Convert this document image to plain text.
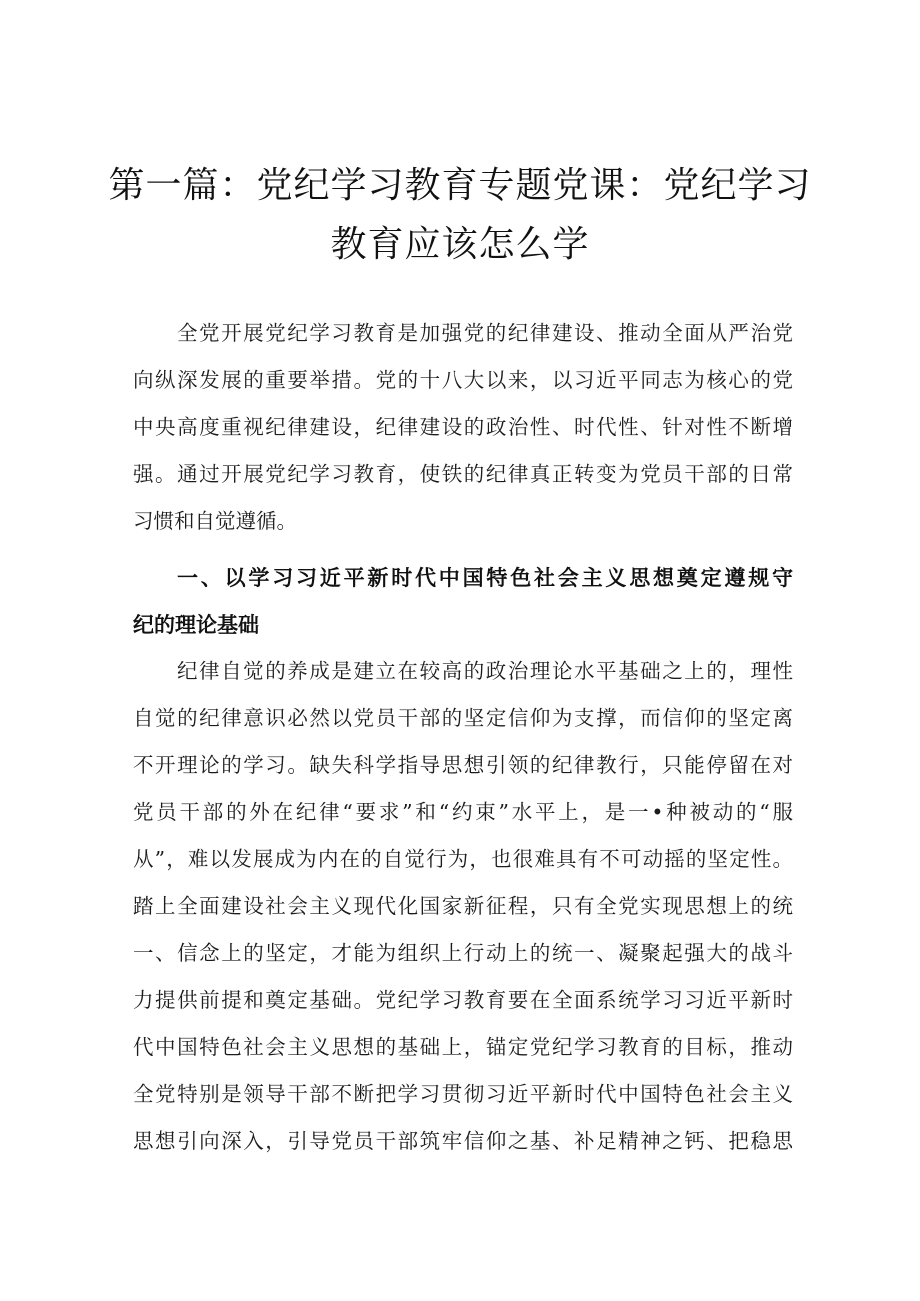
第一篇：党纪学习教育专题党课：党纪学习
教育应该怎么学
全党开展党纪学习教育是加强党的纪律建设、推动全面从严治党
向纵深发展的重要举措。党的十八大以来，以习近平同志为核心的党
中央高度重视纪律建设，纪律建设的政治性、时代性、针对性不断增
强。通过开展党纪学习教育，使铁的纪律真正转变为党员干部的日常
习惯和自觉遵循。
一、以学习习近平新时代中国特色社会主义思想奠定遵规守
纪的理论基础
纪律自觉的养成是建立在较高的政治理论水平基础之上的，理性
自觉的纪律意识必然以党员干部的坚定信仰为支撑，而信仰的坚定离
不开理论的学习。缺失科学指导思想引领的纪律教行，只能停留在对
党员干部的外在纪律“要求”和“约束”水平上，是一•种被动的“服
从”，难以发展成为内在的自觉行为，也很难具有不可动摇的坚定性。
踏上全面建设社会主义现代化国家新征程，只有全党实现思想上的统
一、信念上的坚定，才能为组织上行动上的统一、凝聚起强大的战斗
力提供前提和奠定基础。党纪学习教育要在全面系统学习习近平新时
代中国特色社会主义思想的基础上，锚定党纪学习教育的目标，推动
全党特别是领导干部不断把学习贯彻习近平新时代中国特色社会主义
思想引向深入，引导党员干部筑牢信仰之基、补足精神之钙、把稳思
